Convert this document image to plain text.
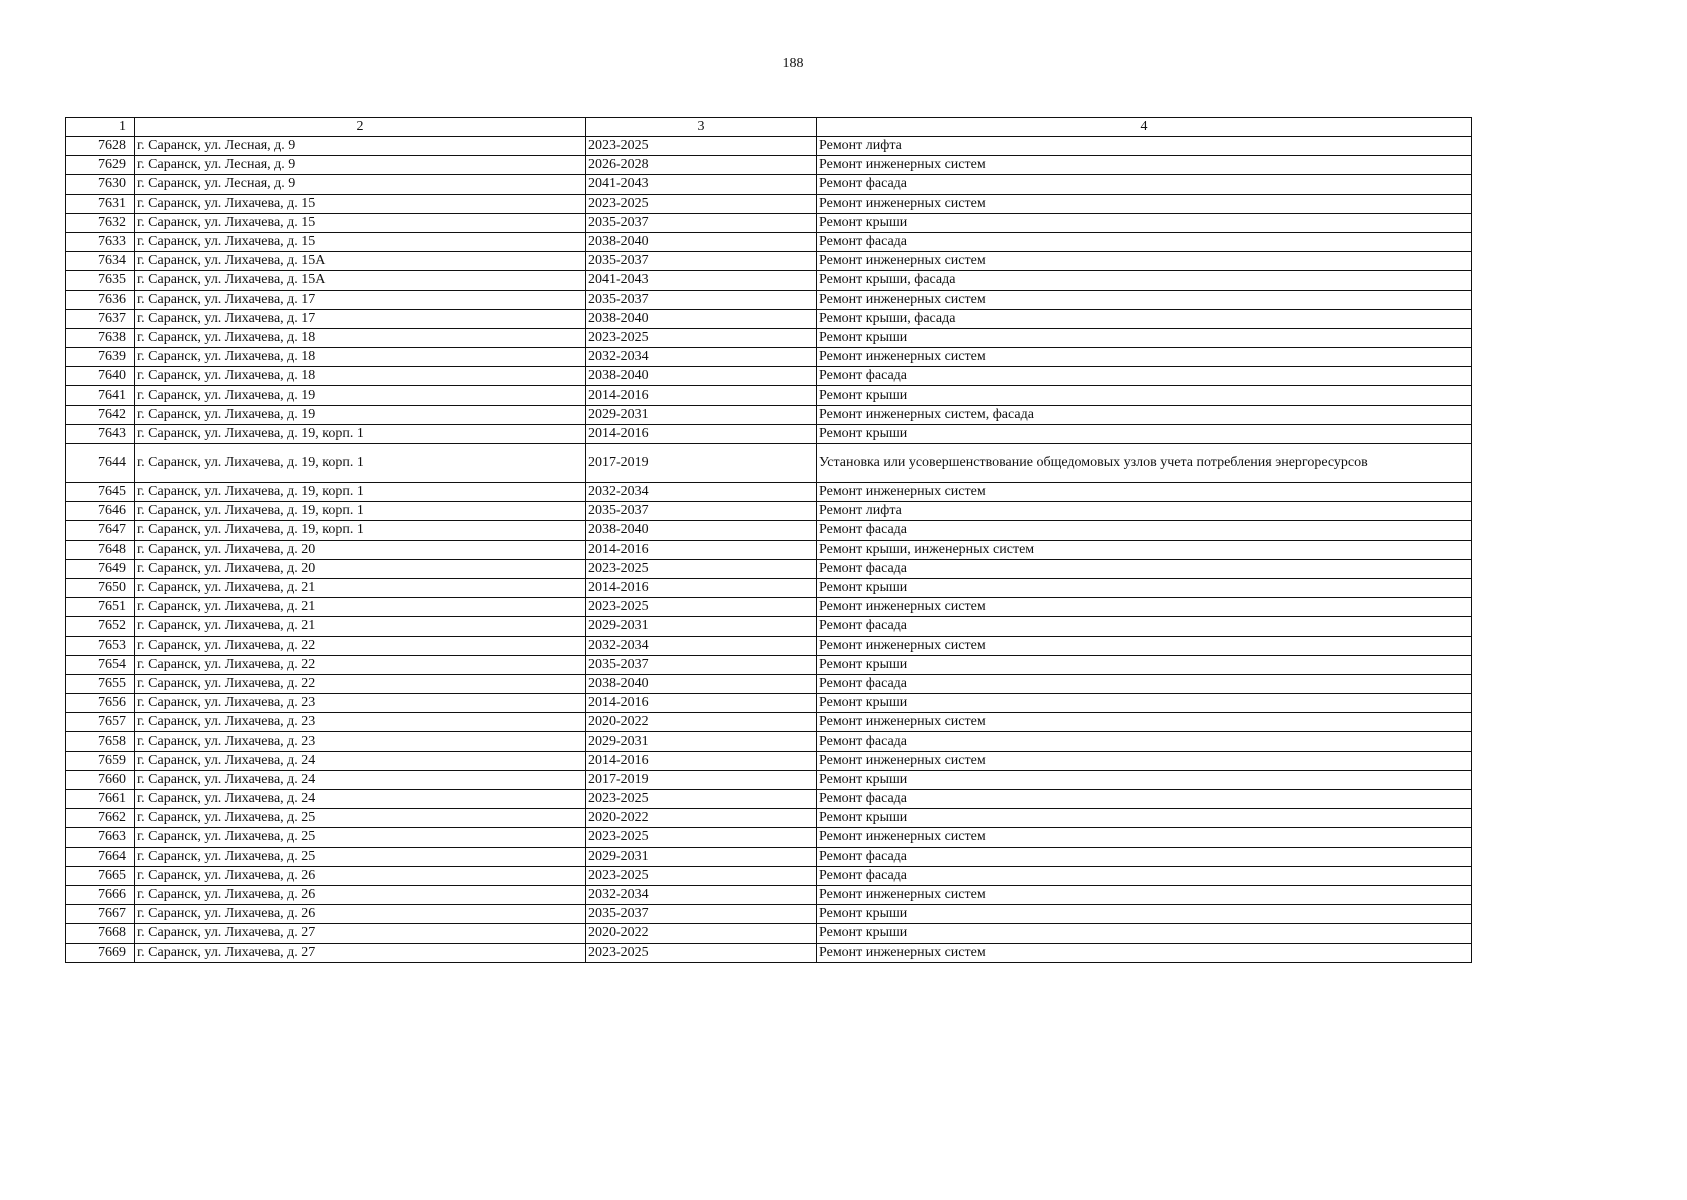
188
1	2	3	4
7628	г. Саранск, ул. Лесная, д. 9	2023-2025	Ремонт лифта
7629	г. Саранск, ул. Лесная, д. 9	2026-2028	Ремонт инженерных систем
7630	г. Саранск, ул. Лесная, д. 9	2041-2043	Ремонт фасада
7631	г. Саранск, ул. Лихачева, д. 15	2023-2025	Ремонт инженерных систем
7632	г. Саранск, ул. Лихачева, д. 15	2035-2037	Ремонт крыши
7633	г. Саранск, ул. Лихачева, д. 15	2038-2040	Ремонт фасада
7634	г. Саранск, ул. Лихачева, д. 15А	2035-2037	Ремонт инженерных систем
7635	г. Саранск, ул. Лихачева, д. 15А	2041-2043	Ремонт крыши, фасада
7636	г. Саранск, ул. Лихачева, д. 17	2035-2037	Ремонт инженерных систем
7637	г. Саранск, ул. Лихачева, д. 17	2038-2040	Ремонт крыши, фасада
7638	г. Саранск, ул. Лихачева, д. 18	2023-2025	Ремонт крыши
7639	г. Саранск, ул. Лихачева, д. 18	2032-2034	Ремонт инженерных систем
7640	г. Саранск, ул. Лихачева, д. 18	2038-2040	Ремонт фасада
7641	г. Саранск, ул. Лихачева, д. 19	2014-2016	Ремонт крыши
7642	г. Саранск, ул. Лихачева, д. 19	2029-2031	Ремонт инженерных систем, фасада
7643	г. Саранск, ул. Лихачева, д. 19, корп. 1	2014-2016	Ремонт крыши
7644	г. Саранск, ул. Лихачева, д. 19, корп. 1	2017-2019	Установка или усовершенствование общедомовых узлов учета потребления энергоресурсов
7645	г. Саранск, ул. Лихачева, д. 19, корп. 1	2032-2034	Ремонт инженерных систем
7646	г. Саранск, ул. Лихачева, д. 19, корп. 1	2035-2037	Ремонт лифта
7647	г. Саранск, ул. Лихачева, д. 19, корп. 1	2038-2040	Ремонт фасада
7648	г. Саранск, ул. Лихачева, д. 20	2014-2016	Ремонт крыши, инженерных систем
7649	г. Саранск, ул. Лихачева, д. 20	2023-2025	Ремонт фасада
7650	г. Саранск, ул. Лихачева, д. 21	2014-2016	Ремонт крыши
7651	г. Саранск, ул. Лихачева, д. 21	2023-2025	Ремонт инженерных систем
7652	г. Саранск, ул. Лихачева, д. 21	2029-2031	Ремонт фасада
7653	г. Саранск, ул. Лихачева, д. 22	2032-2034	Ремонт инженерных систем
7654	г. Саранск, ул. Лихачева, д. 22	2035-2037	Ремонт крыши
7655	г. Саранск, ул. Лихачева, д. 22	2038-2040	Ремонт фасада
7656	г. Саранск, ул. Лихачева, д. 23	2014-2016	Ремонт крыши
7657	г. Саранск, ул. Лихачева, д. 23	2020-2022	Ремонт инженерных систем
7658	г. Саранск, ул. Лихачева, д. 23	2029-2031	Ремонт фасада
7659	г. Саранск, ул. Лихачева, д. 24	2014-2016	Ремонт инженерных систем
7660	г. Саранск, ул. Лихачева, д. 24	2017-2019	Ремонт крыши
7661	г. Саранск, ул. Лихачева, д. 24	2023-2025	Ремонт фасада
7662	г. Саранск, ул. Лихачева, д. 25	2020-2022	Ремонт крыши
7663	г. Саранск, ул. Лихачева, д. 25	2023-2025	Ремонт инженерных систем
7664	г. Саранск, ул. Лихачева, д. 25	2029-2031	Ремонт фасада
7665	г. Саранск, ул. Лихачева, д. 26	2023-2025	Ремонт фасада
7666	г. Саранск, ул. Лихачева, д. 26	2032-2034	Ремонт инженерных систем
7667	г. Саранск, ул. Лихачева, д. 26	2035-2037	Ремонт крыши
7668	г. Саранск, ул. Лихачева, д. 27	2020-2022	Ремонт крыши
7669	г. Саранск, ул. Лихачева, д. 27	2023-2025	Ремонт инженерных систем
